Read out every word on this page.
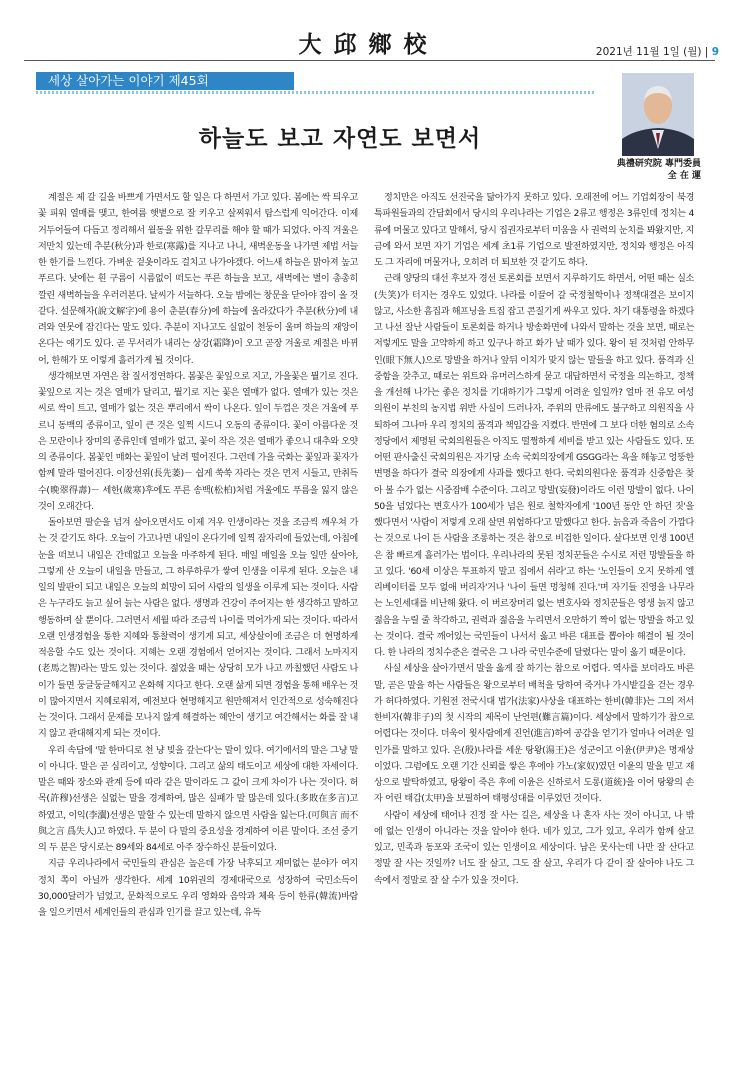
大邱鄉校	2021년 11월 1일 (월) | 9
세상 살아가는 이야기 제45회
하늘도 보고 자연도 보면서
典禮研究院 專門委員
全 在 運

계절은 제 갈 길을 바쁘게 가면서도 할 일은 다 하면서 가고 있다. 봄에는 싹 틔우고 꽃 피워 열매를 맺고, 한여름 햇볕으로 잘 키우고 살찌워서 탐스럽게 익어간다. 이제 거두어들여 다듬고 정리해서 월동을 위한 갈무리를 해야 할 때가 되었다. 아직 겨울은 저만치 있는데 추분(秋分)과 한로(寒露)를 지나고 나니, 새벽운동을 나가면 제법 서늘한 한기를 느낀다. 가벼운 겉옷이라도 걸치고 나가야겠다. 어느새 하늘은 맑아져 높고 푸르다. 낮에는 흰 구름이 시름없이 떠도는 푸른 하늘을 보고, 새벽에는 별이 총총히 깔린 새벽하늘을 우러러본다. 날씨가 서늘하다. 오늘 밤에는 창문을 닫아야 잠이 올 것 같다. 설문해자(說文解字)에 용이 춘분(春分)에 하늘에 올라갔다가 추분(秋分)에 내려와 연못에 잠긴다는 말도 있다. 추분이 지나고도 실없이 천둥이 울며 하늘의 재앙이 온다는 얘기도 있다. 곧 무서리가 내리는 상강(霜降)이 오고 곧장 겨울로 계절은 바뀌어, 한해가 또 이렇게 흘러가게 될 것이다.

생각해보면 자연은 참 질서정연하다. 봄꽃은 꽃잎으로 지고, 가을꽃은 뭘기로 진다. 꽃잎으로 지는 것은 열매가 달리고, 뭘기로 지는 꽃은 열매가 없다. 열매가 있는 것은 씨로 싹이 트고, 열매가 없는 것은 뿌리에서 싹이 나온다. 잎이 두껍은 것은 겨울에 푸르니 동백의 종류이고, 잎이 큰 것은 일찍 시드니 오동의 종류이다. 꽃이 아름다운 것은 모란이나 장미의 종류인데 열매가 없고, 꽃이 작은 것은 열매가 좋으니 대추와 오얏의 종류이다. 봄꽃인 매화는 꽃잎이 날려 떨어진다. 그런데 가을 국화는 꽃잎과 꽃자가 함께 말라 떨어진다. 이장선위(長先萎)－ 쉽게 쑥쑥 자라는 것은 먼저 시들고, 만취득수(晩翠得壽)－ 세한(歲寒)후에도 푸른 송백(松柏)처럼 겨울에도 푸름을 잃지 않은 것이 오래간다.

돌아보면 팔순을 넘겨 살아오면서도 이제 겨우 인생이라는 것을 조금씩 깨우쳐 가는 것 같기도 하다. 오늘이 가고나면 내일이 온다기에 일찍 잠자리에 들었는데, 아침에 눈을 떠보니 내일은 간데없고 오늘을 마주하게 된다. 매일 매일을 오늘 일만 살아야, 그렇게 산 오늘이 내일을 만들고, 그 하루하루가 쌓여 인생을 이루게 된다. 오늘은 내일의 발판이 되고 내일은 오늘의 희망이 되어 사람의 일생을 이루게 되는 것이다. 사람은 누구라도 늙고 싶어 늙는 사람은 없다. 생명과 건강이 주어지는 한 생각하고 말하고 행동하며 살 뿐이다. 그러면서 세월 따라 조금씩 나이를 먹어가게 되는 것이다. 따라서 오랜 인생경험을 통한 지혜와 통찰력이 생기게 되고, 세상살이에 조금은 더 현명하게 적응할 수도 있는 것이다. 지혜는 오랜 경험에서 얻어지는 것이다. 그래서 노마지지(老馬之智)라는 말도 있는 것이다. 젊었을 때는 상당히 모가 나고 까칠했던 사람도 나이가 들면 둥글둥글해지고 온화해 지다고 한다. 오랜 삶게 되면 경험을 통해 배우는 것이 많아지면서 지혜로워져, 예전보다 현명해지고 원만해져서 인간적으로 성숙해진다는 것이다. 그래서 문제를 모나지 않게 해결하는 혜안이 생기고 여간해서는 화를 잘 내지 않고 관대해지게 되는 것이다.

우리 속담에 '말 한마디로 천 냥 빚을 갚는다'는 말이 있다. 여기에서의 말은 그냥 말이 아니다. 말은 곧 심리이고, 성향이다. 그리고 삶의 태도이고 세상에 대한 자세이다. 말은 때와 장소와 관계 등에 따라 같은 말이라도 그 값이 크게 차이가 나는 것이다. 허목(許穆)선생은 실없는 말을 경계하여, 많은 실패가 말 많은데 있다.(多敗在多言)고 하였고, 이익(李瀷)선생은 말할 수 있는데 말하지 않으면 사람을 잃는다.(可與言 而不與之言 爲失人)고 하였다. 두 분이 다 말의 중요성을 경계하여 이른 말이다. 조선 중기의 두 분은 당시로는 89세와 84세로 아주 장수하신 분들이었다.

지금 우리나라에서 국민들의 관심은 높은데 가장 낙후되고 재미없는 분야가 여지 정치 쪽이 아닐까 생각한다. 세계 10위권의 경제대국으로 성장하여 국민소득이 30,000달러가 넘었고, 문화적으로도 우리 영화와 음악과 체육 등이 한류(韓流)바람을 일으키면서 세계인들의 관심과 인기를 끌고 있는데, 유독

정치만은 아직도 선진국을 닮아가지 못하고 있다. 오래전에 어느 기업회장이 북경특파원들과의 간담회에서 당시의 우리나라는 기업은 2류고 행정은 3류인데 정치는 4류에 머물고 있다고 말해서, 당시 집권자로부터 미움을 사 권력의 눈치를 봐왔지만, 지금에 와서 보면 자기 기업은 세계 초1류 기업으로 발전하였지만, 정치와 행정은 아직도 그 자리에 머물거나, 오히려 더 퇴보한 것 같기도 하다.

근래 양당의 대선 후보자 경선 토론회를 보면서 지루하기도 하면서, 어떤 때는 실소(失笑)가 터지는 경우도 있었다. 나라를 이끌어 갈 국정철학이나 정책대결은 보이지 않고, 사소한 흠집과 해프닝을 트집 잡고 콘질기게 싸우고 있다. 차기 대통령을 하겠다고 나선 잘난 사람들이 토론회를 하거나 방송화면에 나와서 말하는 것을 보면, 때로는 저렇게도 말을 고약하게 하고 있구나 하고 화가 날 때가 있다. 왕이 된 것처럼 안하무인(眼下無人)으로 망발을 하거나 앞뒤 이치가 맞지 않는 말들을 하고 있다. 품격과 신중함을 갖추고, 때로는 위트와 유머러스하게 묻고 대답하면서 국정을 의논하고, 정책을 개선해 나가는 좋은 정치를 기대하기가 그렇게 어려운 일일까? 얼마 전 유모 여성의원이 부친의 농지법 위반 사실이 드러나자, 주위의 만류에도 불구하고 의원직을 사퇴하여 그나마 우리 정치의 품격과 책임감을 지켰다. 반면에 그 보다 더한 혐의로 소속 정당에서 제명된 국회의원들은 아직도 떨쩡하게 세비를 받고 있는 사람들도 있다. 또 어떤 판사출신 국회의원은 자기당 소속 국회의장에게 GSGG라는 욕을 해놓고 엉뚱한 변명을 하다가 결국 의장에게 사과를 했다고 한다. 국회의원다운 품격과 신중함은 찾아 볼 수가 없는 시중잡배 수준이다. 그리고 망발(妄發)이라도 이런 망발이 없다. 나이 50을 넘었다는 변호사가 100세가 넘은 원로 철학자에게 '100년 동안 안 하던 짓'을 했다면서 '사람이 저렇게 오래 살면 위험하다'고 말했다고 한다. 늙음과 죽음이 가깝다는 것으로 나이 든 사람을 조롱하는 것은 참으로 비겁한 일이다. 살다보면 인생 100년은 참 빠르게 흘러가는 법이다. 우리나라의 못된 정치꾼들은 수시로 저런 망발들을 하고 있다. '60세 이상은 투표하지 말고 집에서 쉬라'고 하는 '노인들이 오지 못하게 엘리베이터를 모두 없애 버리자'거나 '나이 들면 멍청해 진다.'며 자기들 진영을 나무라는 노인세대를 비난해 왔다. 이 버르장머리 없는 변호사와 정치꾼들은 영생 늙지 않고 젊음을 누릴 줄 착각하고, 권력과 젊음을 누리면서 오만하기 짝이 없는 망발을 하고 있는 것이다. 결국 깨어있는 국민들이 나서서 옳고 바른 대표를 뽑아야 해결이 될 것이다. 한 나라의 정치수준은 결국은 그 나라 국민수준에 달렸다는 말이 옳기 때문이다.

사실 세상을 살아가면서 말을 옳게 잘 하기는 참으로 어렵다. 역사를 보더라도 바른말, 곧은 말을 하는 사람들은 왕으로부터 배척을 당하여 죽거나 가시밭길을 걷는 경우가 허다하였다. 기원전 전국시대 법가(法家)사상을 대표하는 한비(韓非)는 그의 저서 한비자(韓非子)의 첫 시작의 제목이 난언편(難言篇)이다. 세상에서 말하기가 참으로 어렵다는 것이다. 더욱이 윗사람에게 진언(進言)하여 공감을 얻기가 얼마나 어려운 일인가를 말하고 있다. 은(殷)나라를 세운 탕왕(湯王)은 성군이고 이윤(伊尹)은 명재상이었다. 그럼에도 오랜 기간 신뢰를 쌓은 후에야 가노(家奴)였던 이윤의 말을 믿고 재상으로 발탁하였고, 탕왕이 죽은 후에 이윤은 신하로서 도롱(道統)을 이어 탕왕의 손자 어린 태갑(太甲)을 보필하여 태평성대를 이루었던 것이다.

사람이 세상에 태어나 진정 잘 사는 길은, 세상을 나 혼자 사는 것이 아니고, 나 밖에 없는 인생이 아니라는 것을 알아야 한다. 네가 있고, 그가 있고, 우리가 함께 살고 있고, 민족과 동포와 조국이 있는 인생이요 세상이다. 남은 못사는데 나만 잘 산다고 정말 잘 사는 것일까? 너도 잘 살고, 그도 잘 살고, 우리가 다 같이 잘 살아야 나도 그 속에서 정말로 잘 살 수가 있을 것이다.
